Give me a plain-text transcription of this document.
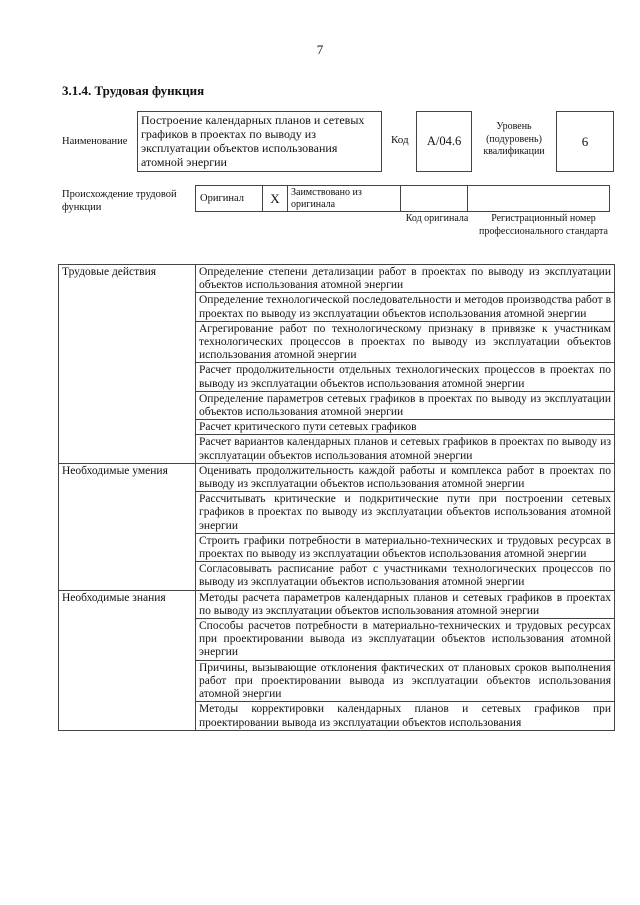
7
3.1.4. Трудовая функция
Наименование
Построение календарных планов и сетевых графиков в проектах по выводу из эксплуатации объектов использования атомной энергии
Код	А/04.6
Уровень (подуровень) квалификации
6
Происхождение трудовой функции
Оригинал	X	Заимствовано из оригинала
Код оригинала	Регистрационный номер профессионального стандарта
Трудовые действия	Определение степени детализации работ в проектах по выводу из эксплуатации объектов использования атомной энергии
	Определение технологической последовательности и методов производства работ в проектах по выводу из эксплуатации объектов использования атомной энергии
	Агрегирование работ по технологическому признаку в привязке к участникам технологических процессов в проектах по выводу из эксплуатации объектов использования атомной энергии
	Расчет продолжительности отдельных технологических процессов в проектах по выводу из эксплуатации объектов использования атомной энергии
	Определение параметров сетевых графиков в проектах по выводу из эксплуатации объектов использования атомной энергии
	Расчет критического пути сетевых графиков
	Расчет вариантов календарных планов и сетевых графиков в проектах по выводу из эксплуатации объектов использования атомной энергии
Необходимые умения	Оценивать продолжительность каждой работы и комплекса работ в проектах по выводу из эксплуатации объектов использования атомной энергии
	Рассчитывать критические и подкритические пути при построении сетевых графиков в проектах по выводу из эксплуатации объектов использования атомной энергии
	Строить графики потребности в материально-технических и трудовых ресурсах в проектах по выводу из эксплуатации объектов использования атомной энергии
	Согласовывать расписание работ с участниками технологических процессов по выводу из эксплуатации объектов использования атомной энергии
Необходимые знания	Методы расчета параметров календарных планов и сетевых графиков в проектах по выводу из эксплуатации объектов использования атомной энергии
	Способы расчетов потребности в материально-технических и трудовых ресурсах при проектировании вывода из эксплуатации объектов использования атомной энергии
	Причины, вызывающие отклонения фактических от плановых сроков выполнения работ при проектировании вывода из эксплуатации объектов использования атомной энергии
	Методы корректировки календарных планов и сетевых графиков при проектировании вывода из эксплуатации объектов использования
